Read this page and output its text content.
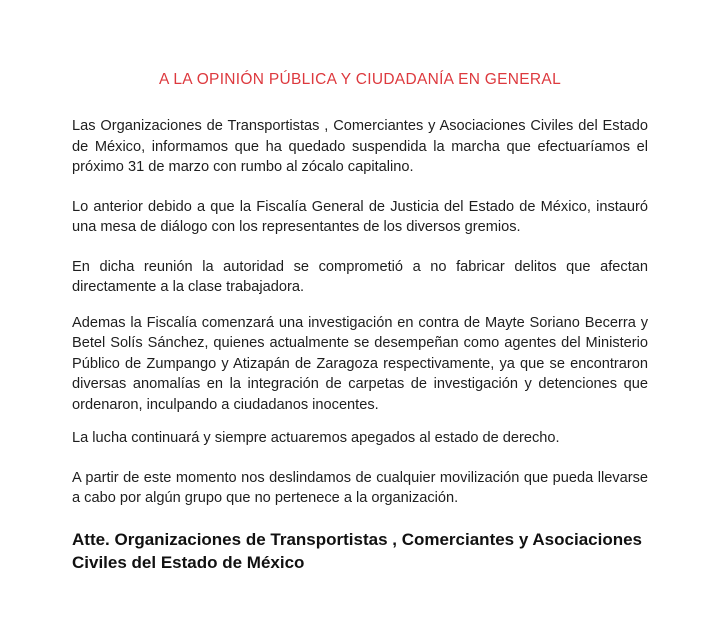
A LA OPINIÓN PÚBLICA Y CIUDADANÍA EN GENERAL

Las Organizaciones de Transportistas , Comerciantes y Asociaciones Civiles del Estado de México, informamos que ha quedado suspendida la marcha que efectuaríamos el próximo 31 de marzo con rumbo al zócalo capitalino.

Lo anterior debido a que la Fiscalía General de Justicia del Estado de México, instauró una mesa de diálogo con los representantes de los diversos gremios.

En dicha reunión la autoridad se comprometió a no fabricar delitos que afectan directamente a la clase trabajadora.

Ademas la Fiscalía comenzará una investigación en contra de Mayte Soriano Becerra y Betel Solís Sánchez, quienes actualmente se desempeñan como agentes del Ministerio Público de Zumpango y Atizapán de Zaragoza respectivamente, ya que se encontraron diversas anomalías en la integración de carpetas de investigación y detenciones que ordenaron, inculpando a ciudadanos inocentes.

La lucha continuará y siempre actuaremos apegados al estado de derecho.

A partir de este momento nos deslindamos de cualquier movilización que pueda llevarse a cabo por algún grupo que no pertenece a la organización.

Atte. Organizaciones de Transportistas , Comerciantes y Asociaciones Civiles del Estado de México
